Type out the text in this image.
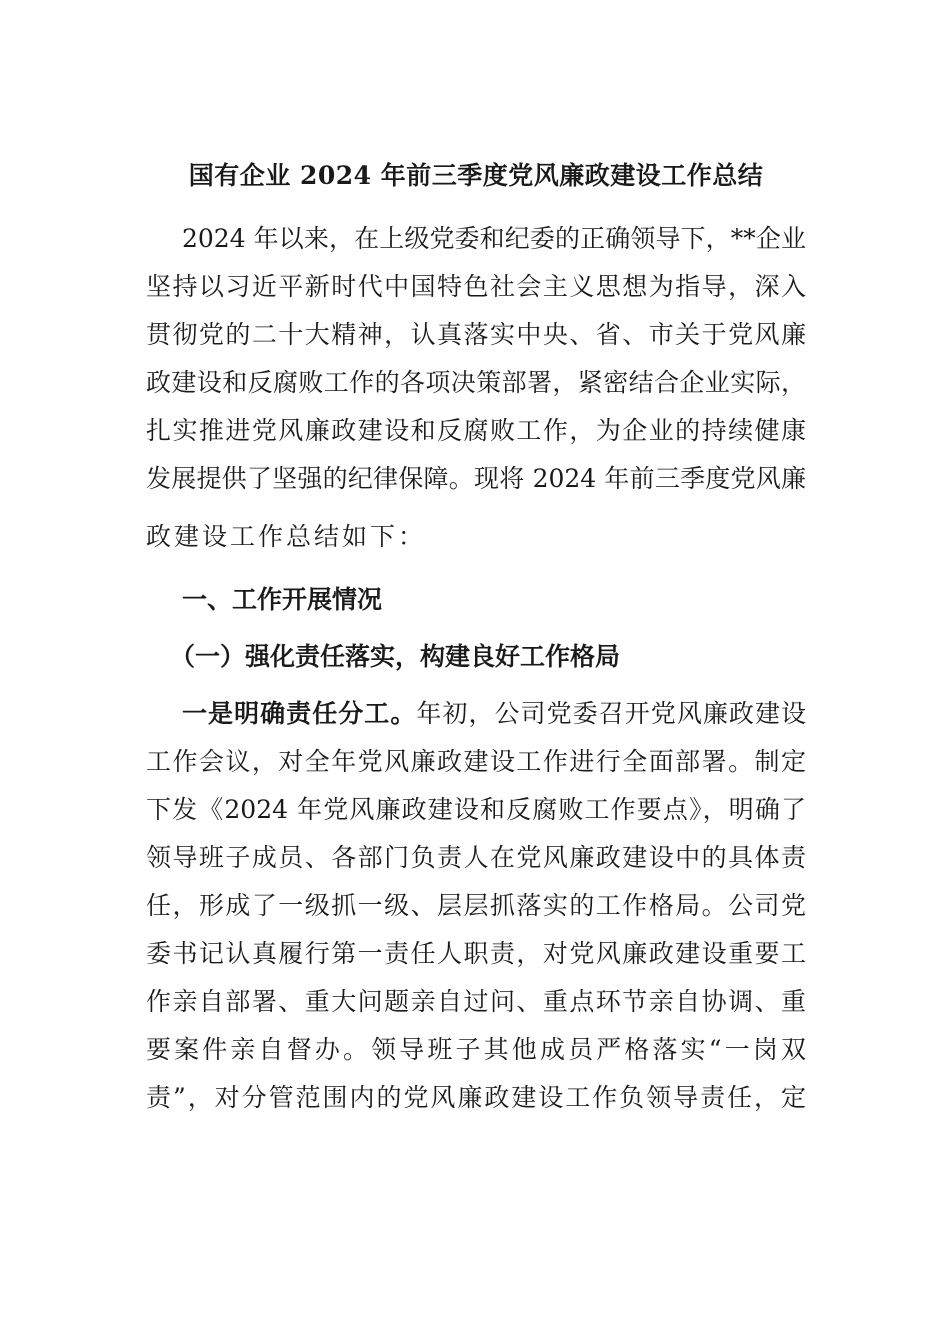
国有企业 2024 年前三季度党风廉政建设工作总结
2024 年以来，在上级党委和纪委的正确领导下，**企业
坚持以习近平新时代中国特色社会主义思想为指导，深入
贯彻党的二十大精神，认真落实中央、省、市关于党风廉
政建设和反腐败工作的各项决策部署，紧密结合企业实际，
扎实推进党风廉政建设和反腐败工作，为企业的持续健康
发展提供了坚强的纪律保障。现将 2024 年前三季度党风廉
政建设工作总结如下：
一、工作开展情况
（一）强化责任落实，构建良好工作格局
一是明确责任分工。年初，公司党委召开党风廉政建设
工作会议，对全年党风廉政建设工作进行全面部署。制定
下发《2024 年党风廉政建设和反腐败工作要点》，明确了
领导班子成员、各部门负责人在党风廉政建设中的具体责
任，形成了一级抓一级、层层抓落实的工作格局。公司党
委书记认真履行第一责任人职责，对党风廉政建设重要工
作亲自部署、重大问题亲自过问、重点环节亲自协调、重
要案件亲自督办。领导班子其他成员严格落实“一岗双
责”，对分管范围内的党风廉政建设工作负领导责任，定
